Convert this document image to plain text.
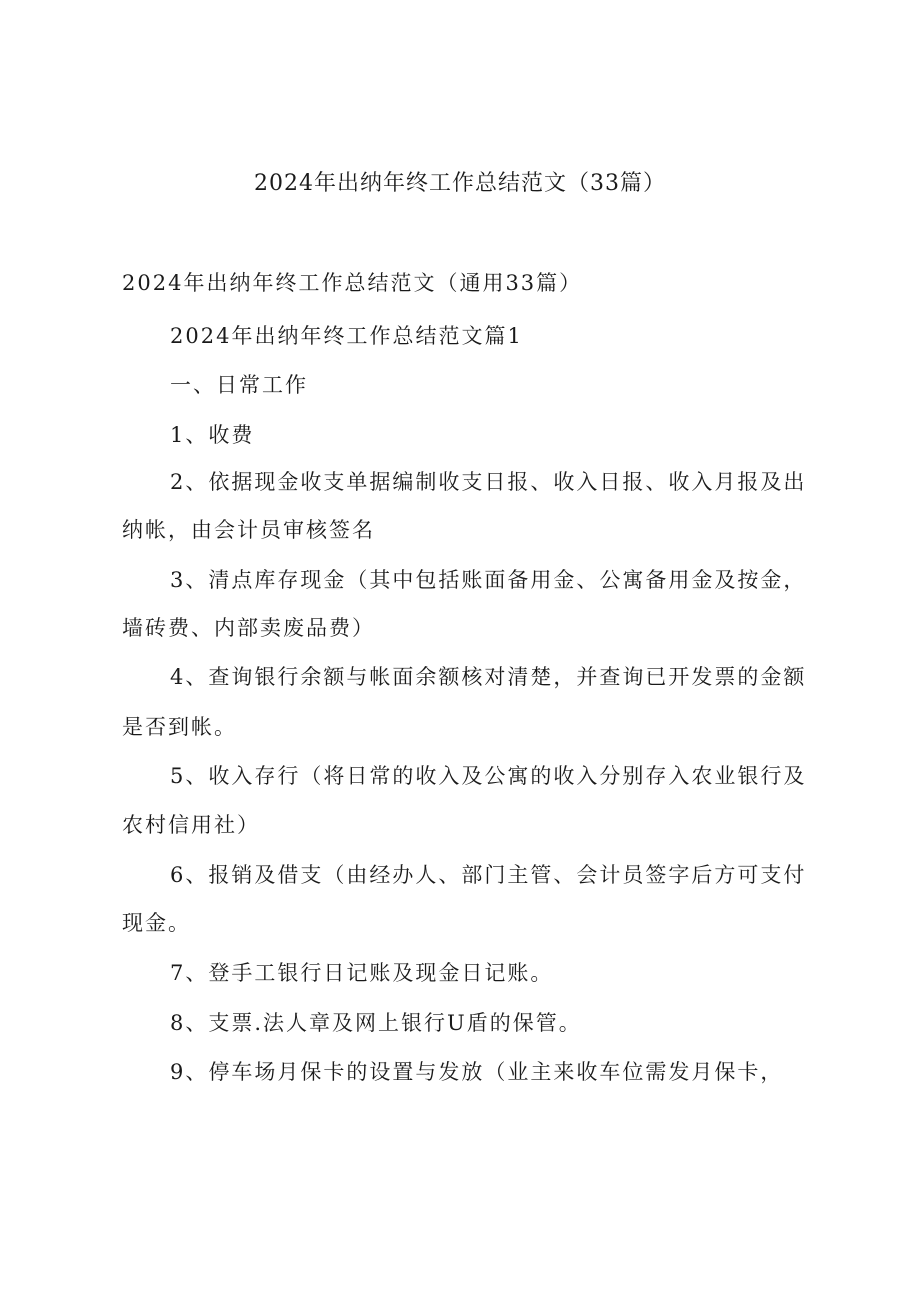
2024年出纳年终工作总结范文（33篇）
2024年出纳年终工作总结范文（通用33篇）
2024年出纳年终工作总结范文篇1
一、日常工作
1、收费
2、依据现金收支单据编制收支日报、收入日报、收入月报及出
纳帐，由会计员审核签名
3、清点库存现金（其中包括账面备用金、公寓备用金及按金，
墙砖费、内部卖废品费）
4、查询银行余额与帐面余额核对清楚，并查询已开发票的金额
是否到帐。
5、收入存行（将日常的收入及公寓的收入分别存入农业银行及
农村信用社）
6、报销及借支（由经办人、部门主管、会计员签字后方可支付
现金。
7、登手工银行日记账及现金日记账。
8、支票.法人章及网上银行U盾的保管。
9、停车场月保卡的设置与发放（业主来收车位需发月保卡，
